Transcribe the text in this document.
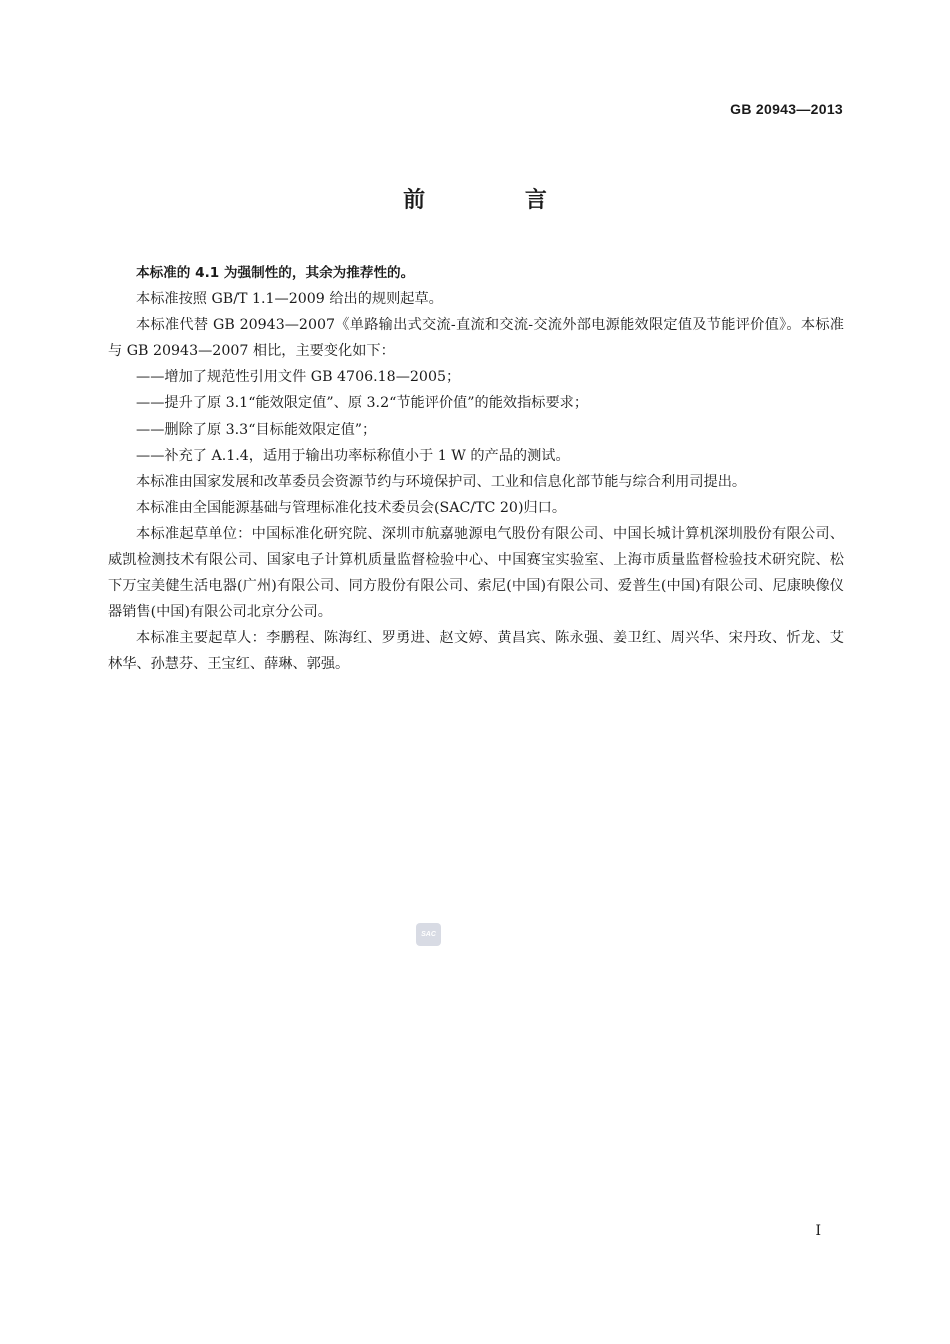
GB 20943—2013
前 言

本标准的 4.1 为强制性的，其余为推荐性的。

本标准按照 GB/T 1.1—2009 给出的规则起草。

本标准代替 GB 20943—2007《单路输出式交流-直流和交流-交流外部电源能效限定值及节能评价值》。本标准与 GB 20943—2007 相比，主要变化如下：

——增加了规范性引用文件 GB 4706.18—2005；

——提升了原 3.1“能效限定值”、原 3.2“节能评价值”的能效指标要求；

——删除了原 3.3“目标能效限定值”；

——补充了 A.1.4，适用于输出功率标称值小于 1 W 的产品的测试。

本标准由国家发展和改革委员会资源节约与环境保护司、工业和信息化部节能与综合利用司提出。

本标准由全国能源基础与管理标准化技术委员会(SAC/TC 20)归口。

本标准起草单位：中国标准化研究院、深圳市航嘉驰源电气股份有限公司、中国长城计算机深圳股份有限公司、威凯检测技术有限公司、国家电子计算机质量监督检验中心、中国赛宝实验室、上海市质量监督检验技术研究院、松下万宝美健生活电器(广州)有限公司、同方股份有限公司、索尼(中国)有限公司、爱普生(中国)有限公司、尼康映像仪器销售(中国)有限公司北京分公司。

本标准主要起草人：李鹏程、陈海红、罗勇进、赵文婷、黄昌宾、陈永强、姜卫红、周兴华、宋丹玫、忻龙、艾林华、孙慧芬、王宝红、薛琳、郭强。

SAC
I
